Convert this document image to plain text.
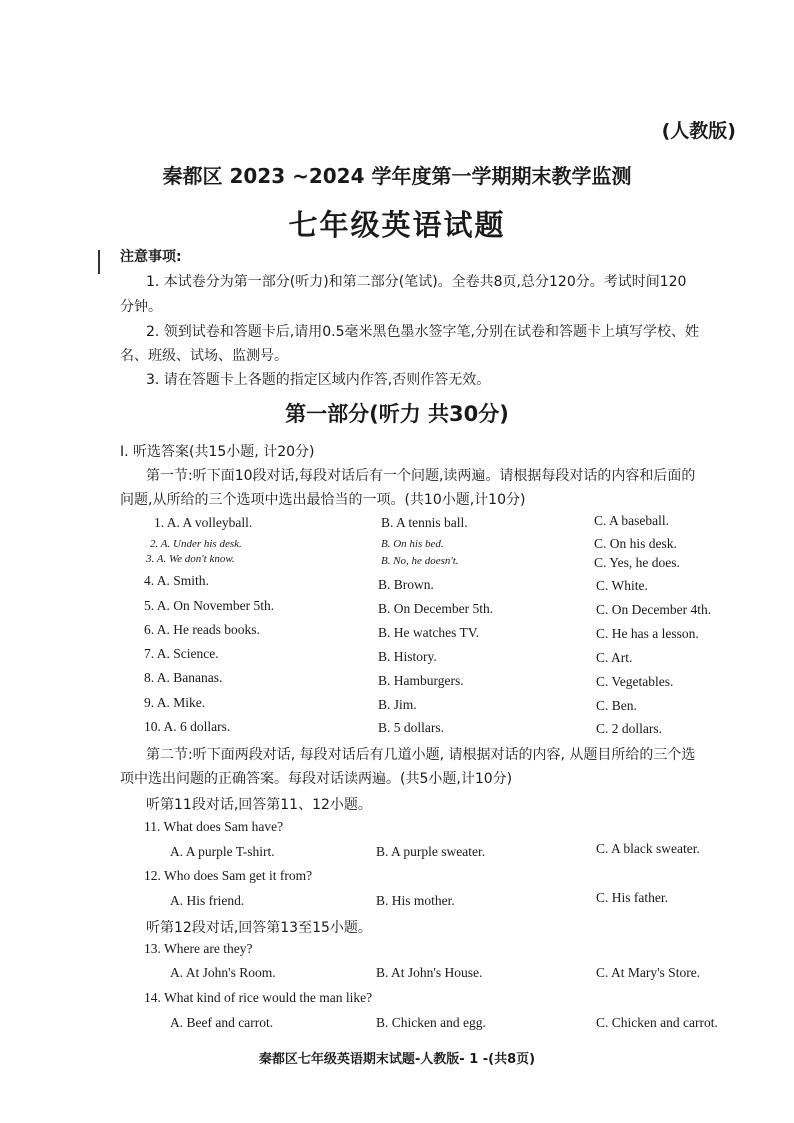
(人教版)
秦都区 2023 ~2024 学年度第一学期期末教学监测
七年级英语试题
注意事项:
1. 本试卷分为第一部分(听力)和第二部分(笔试)。全卷共8页,总分120分。考试时间120
分钟。
2. 领到试卷和答题卡后,请用0.5毫米黑色墨水签字笔,分别在试卷和答题卡上填写学校、姓
名、班级、试场、监测号。
3. 请在答题卡上各题的指定区域内作答,否则作答无效。
第一部分(听力 共30分)
I. 听选答案(共15小题, 计20分)
第一节:听下面10段对话,每段对话后有一个问题,读两遍。请根据每段对话的内容和后面的
问题,从所给的三个选项中选出最恰当的一项。(共10小题,计10分)
1. A. A volleyball.	B. A tennis ball.	C. A baseball.
2. A. Under his desk.	B. On his bed.	C. On his desk.
3. A. We don't know.	B. No, he doesn't.	C. Yes, he does.
4. A. Smith.	B. Brown.	C. White.
5. A. On November 5th.	B. On December 5th.	C. On December 4th.
6. A. He reads books.	B. He watches TV.	C. He has a lesson.
7. A. Science.	B. History.	C. Art.
8. A. Bananas.	B. Hamburgers.	C. Vegetables.
9. A. Mike.	B. Jim.	C. Ben.
10. A. 6 dollars.	B. 5 dollars.	C. 2 dollars.
第二节:听下面两段对话, 每段对话后有几道小题, 请根据对话的内容, 从题目所给的三个选
项中选出问题的正确答案。每段对话读两遍。(共5小题,计10分)
听第11段对话,回答第11、12小题。
11. What does Sam have?
A. A purple T-shirt.	B. A purple sweater.	C. A black sweater.
12. Who does Sam get it from?
A. His friend.	B. His mother.	C. His father.
听第12段对话,回答第13至15小题。
13. Where are they?
A. At John's Room.	B. At John's House.	C. At Mary's Store.
14. What kind of rice would the man like?
A. Beef and carrot.	B. Chicken and egg.	C. Chicken and carrot.
秦都区七年级英语期末试题-人教版- 1 -(共8页)
